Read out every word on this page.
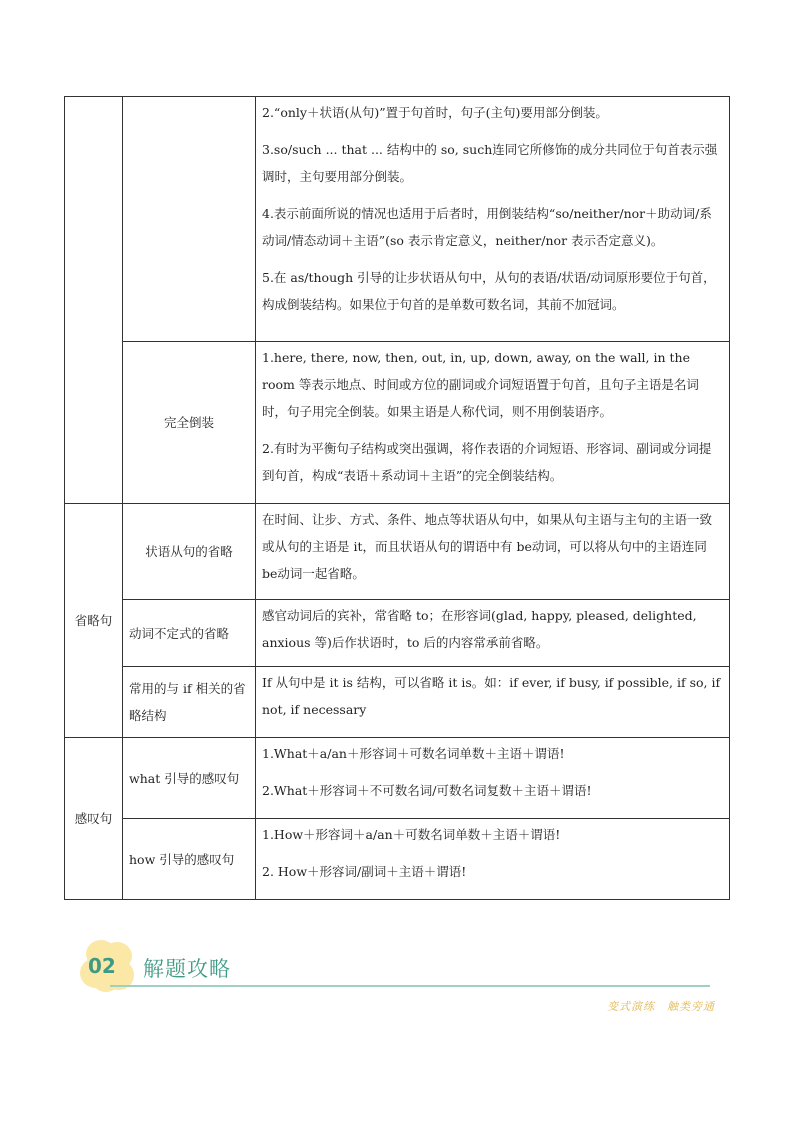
		2.“only＋状语(从句)”置于句首时，句子(主句)要用部分倒装。

3.so/such ... that ... 结构中的 so, such连同它所修饰的成分共同位于句首表示强调时，主句要用部分倒装。

4.表示前面所说的情况也适用于后者时，用倒装结构“so/neither/nor＋助动词/系动词/情态动词＋主语”(so 表示肯定意义，neither/nor 表示否定意义)。

5.在 as/though 引导的让步状语从句中，从句的表语/状语/动词原形要位于句首，构成倒装结构。如果位于句首的是单数可数名词，其前不加冠词。

	完全倒装	1.here, there, now, then, out, in, up, down, away, on the wall, in the room 等表示地点、时间或方位的副词或介词短语置于句首，且句子主语是名词时，句子用完全倒装。如果主语是人称代词，则不用倒装语序。

2.有时为平衡句子结构或突出强调，将作表语的介词短语、形容词、副词或分词提到句首，构成“表语＋系动词＋主语”的完全倒装结构。

省略句	状语从句的省略	在时间、让步、方式、条件、地点等状语从句中，如果从句主语与主句的主语一致或从句的主语是 it，而且状语从句的谓语中有 be动词，可以将从句中的主语连同 be动词一起省略。

	动词不定式的省略	感官动词后的宾补，常省略 to；在形容词(glad, happy, pleased, delighted, anxious 等)后作状语时，to 后的内容常承前省略。

	常用的与 if 相关的省略结构	If 从句中是 it is 结构，可以省略 it is。如：if ever, if busy, if possible, if so, if not, if necessary

感叹句	what 引导的感叹句	1.What＋a/an＋形容词＋可数名词单数＋主语＋谓语!

2.What＋形容词＋不可数名词/可数名词复数＋主语＋谓语!

	how 引导的感叹句	1.How＋形容词＋a/an＋可数名词单数＋主语＋谓语!

2. How＋形容词/副词＋主语＋谓语!

02 解题攻略
变式演练　触类旁通
